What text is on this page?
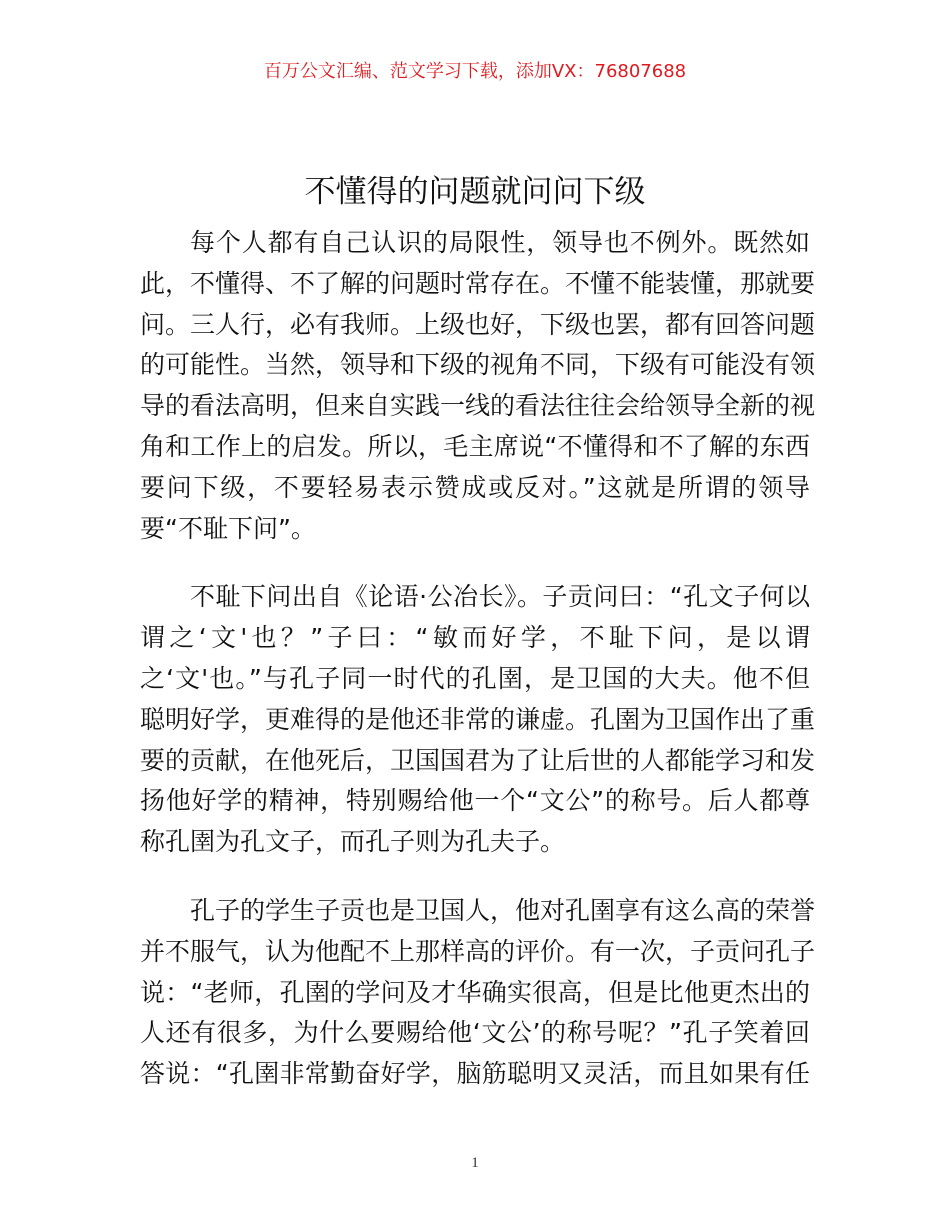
百万公文汇编、范文学习下载，添加VX：76807688
不懂得的问题就问问下级
每个人都有自己认识的局限性，领导也不例外。既然如
此，不懂得、不了解的问题时常存在。不懂不能装懂，那就要
问。三人行，必有我师。上级也好，下级也罢，都有回答问题
的可能性。当然，领导和下级的视角不同，下级有可能没有领
导的看法高明，但来自实践一线的看法往往会给领导全新的视
角和工作上的启发。所以，毛主席说“不懂得和不了解的东西
要问下级，不要轻易表示赞成或反对。”这就是所谓的领导
要“不耻下问”。
不耻下问出自《论语·公冶长》。子贡问曰：“孔文子何以
谓之‘文'也？”子曰：“敏而好学，不耻下问，是以谓
之‘文'也。”与孔子同一时代的孔圉，是卫国的大夫。他不但
聪明好学，更难得的是他还非常的谦虚。孔圉为卫国作出了重
要的贡献，在他死后，卫国国君为了让后世的人都能学习和发
扬他好学的精神，特别赐给他一个“文公”的称号。后人都尊
称孔圉为孔文子，而孔子则为孔夫子。
孔子的学生子贡也是卫国人，他对孔圉享有这么高的荣誉
并不服气，认为他配不上那样高的评价。有一次，子贡问孔子
说：“老师，孔圉的学问及才华确实很高，但是比他更杰出的
人还有很多，为什么要赐给他‘文公’的称号呢？”孔子笑着回
答说：“孔圉非常勤奋好学，脑筋聪明又灵活，而且如果有任
1
